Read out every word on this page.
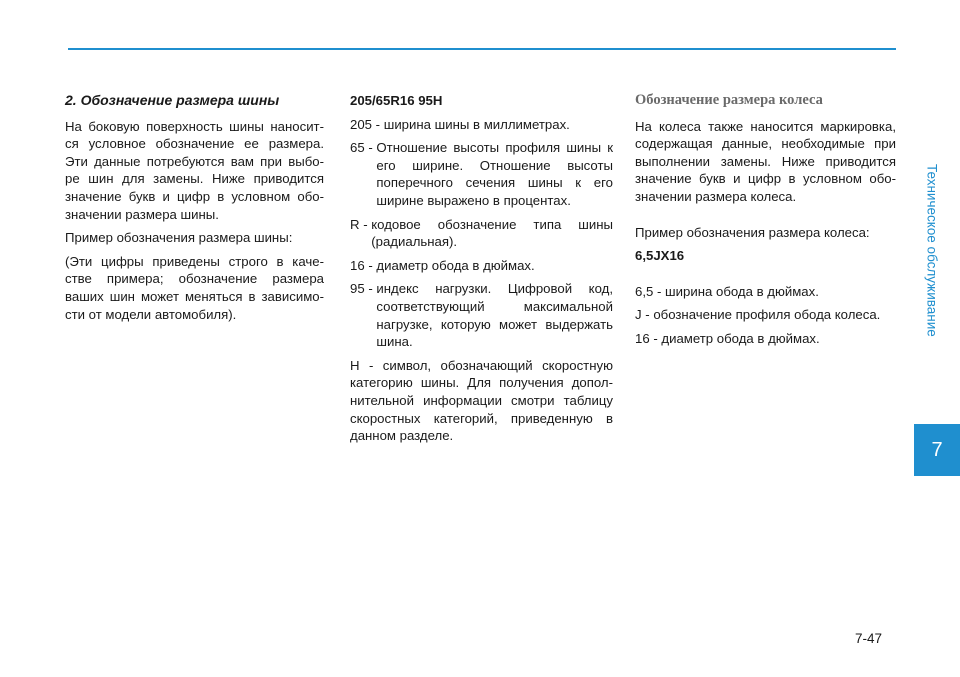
2. Обозначение размера шины

На боковую поверхность шины наносит-ся условное обозначение ее размера. Эти данные потребуются вам при выбо-ре шин для замены. Ниже приводится значение букв и цифр в условном обо-значении размера шины.

Пример обозначения размера шины:

(Эти цифры приведены строго в каче-стве примера; обозначение размера ваших шин может меняться в зависимо-сти от модели автомобиля).

205/65R16 95H

205 - ширина шины в миллиметрах.
65 - Отношение высоты профиля шины к его ширине. Отношение высоты поперечного сечения шины к его ширине выражено в процентах.
R - кодовое обозначение типа шины (радиальная).
16 - диаметр обода в дюймах.
95 - индекс нагрузки. Цифровой код, соответствующий максимальной нагрузке, которую может выдержать шина.

H - символ, обозначающий скоростную категорию шины. Для получения допол-нительной информации смотри таблицу скоростных категорий, приведенную в данном разделе.

Обозначение размера колеса

На колеса также наносится маркировка, содержащая данные, необходимые при выполнении замены. Ниже приводится значение букв и цифр в условном обо-значении размера колеса.

Пример обозначения размера колеса:

6,5JX16

6,5 - ширина обода в дюймах.

J - обозначение профиля обода колеса.

16 - диаметр обода в дюймах.

Техническое обслуживание
7
7-47
